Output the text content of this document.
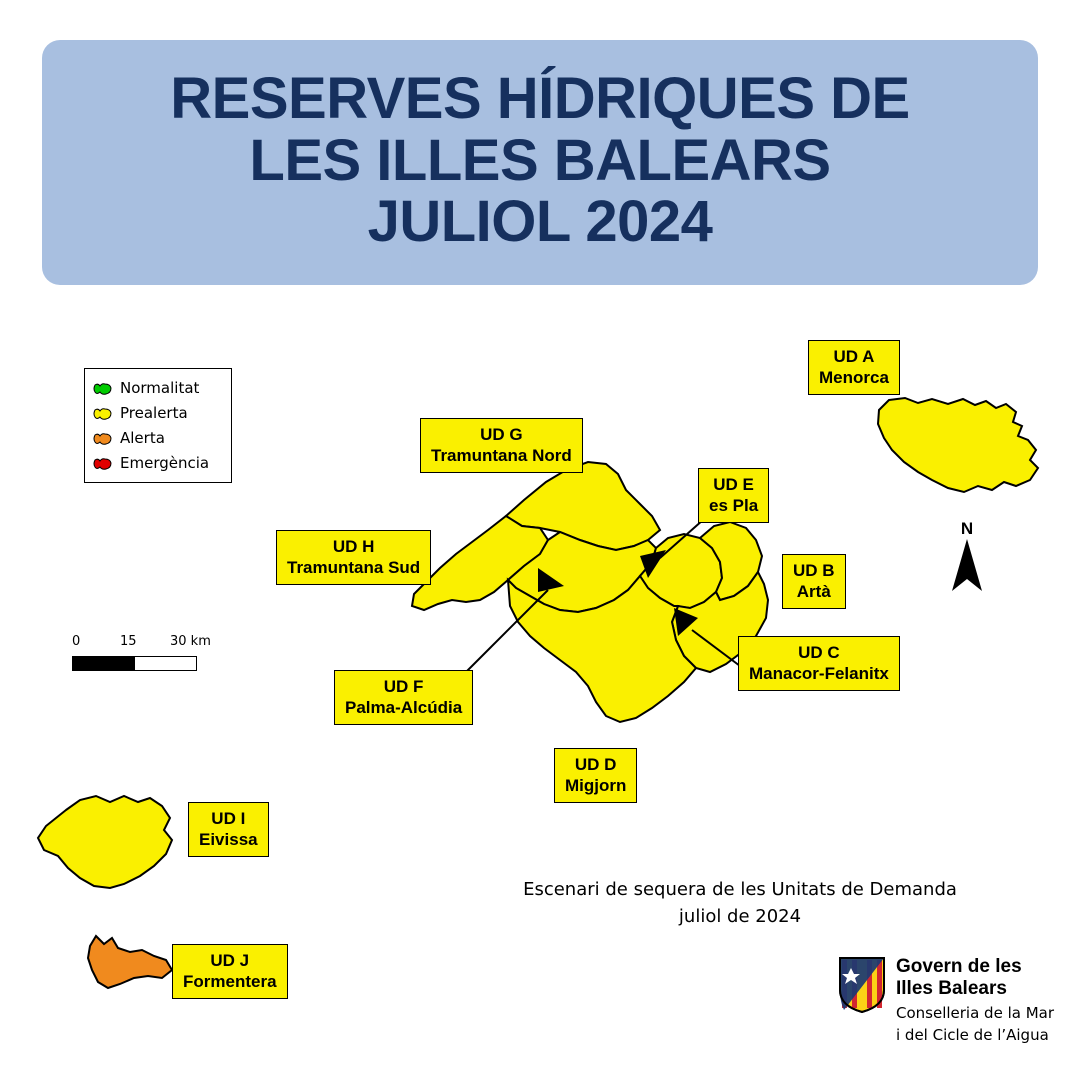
RESERVES HÍDRIQUES DE
LES ILLES BALEARS
JULIOL 2024
Normalitat
Prealerta
Alerta
Emergència
0	15	30 km
UD A
Menorca
UD G
Tramuntana Nord
UD E
es Pla
UD H
Tramuntana Sud	UD B
Artà
UD C
Manacor-Felanitx
UD F
Palma-Alcúdia
UD D
Migjorn
UD I
Eivissa
UD J
Formentera
N
Escenari de sequera de les Unitats de Demanda
juliol de 2024
Govern de les
Illes Balears
Conselleria de la Mar
i del Cicle de l’Aigua
